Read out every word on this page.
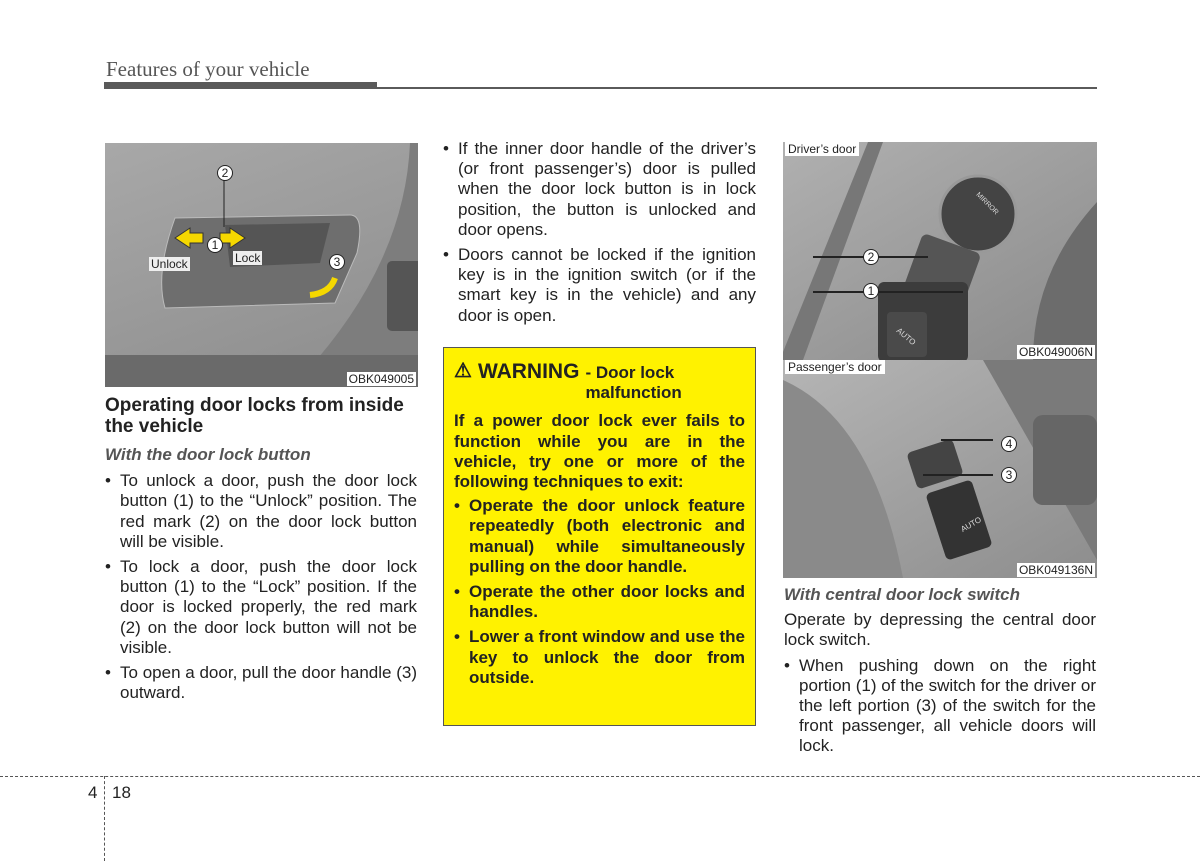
Features of your vehicle
2
1
3
Unlock	Lock
OBK049005
Operating door locks from inside the vehicle
With the door lock button
• To unlock a door, push the door lock button (1) to the “Unlock” position. The red mark (2) on the door lock button will be visible.
• To lock a door, push the door lock button (1) to the “Lock” position. If the door is locked properly, the red mark (2) on the door lock button will not be visible.
• To open a door, pull the door handle (3) outward.
• If the inner door handle of the driver’s (or front passenger’s) door is pulled when the door lock button is in lock position, the button is unlocked and door opens.
• Doors cannot be locked if the ignition key is in the ignition switch (or if the smart key is in the vehicle) and any door is open.
⚠ WARNING - Door lock malfunction

If a power door lock ever fails to function while you are in the vehicle, try one or more of the following techniques to exit:

• Operate the door unlock feature repeatedly (both electronic and manual) while simultaneously pulling on the door handle.
• Operate the other door locks and handles.
• Lower a front window and use the key to unlock the door from outside.
MIRROR
AUTO
2
1
Driver’s door
OBK049006N
AUTO
4
3
Passenger’s door
OBK049136N
With central door lock switch

Operate by depressing the central door lock switch.

• When pushing down on the right portion (1) of the switch for the driver or the left portion (3) of the switch for the front passenger, all vehicle doors will lock.
4 18
